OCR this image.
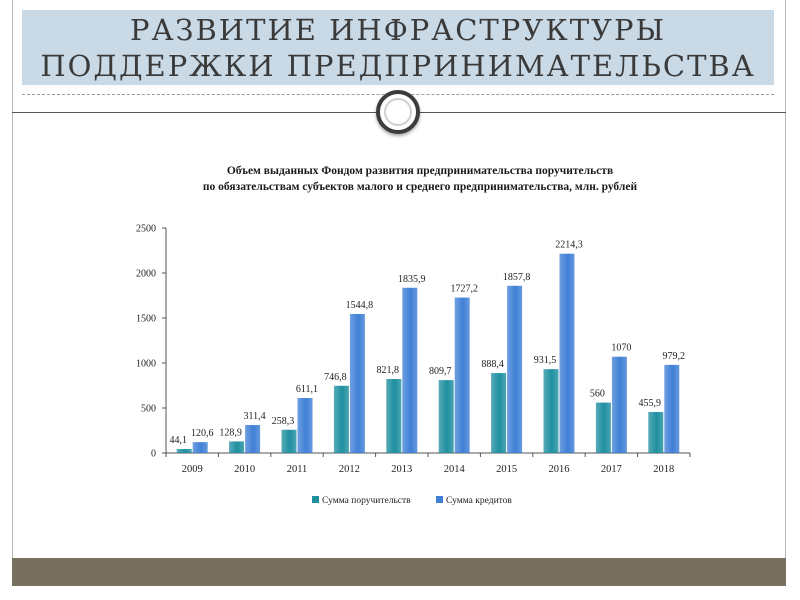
РАЗВИТИЕ ИНФРАСТРУКТУРЫ
ПОДДЕРЖКИ ПРЕДПРИНИМАТЕЛЬСТВА
Объем выданных Фондом развития предпринимательства поручительств
по обязательствам субъектов малого и среднего предпринимательства, млн. рублей
0
500
1000
1500
2000
2500
2009	2010	2011	2012	2013	2014	2015	2016	2017	2018
44,1
120,6 128,9
311,4 258,3
611,1
746,8
1544,8
821,8
1835,9
809,7
1727,2
888,4
1857,8
931,5
2214,3
560
1070
455,9
979,2
Сумма поручительств	Сумма кредитов
